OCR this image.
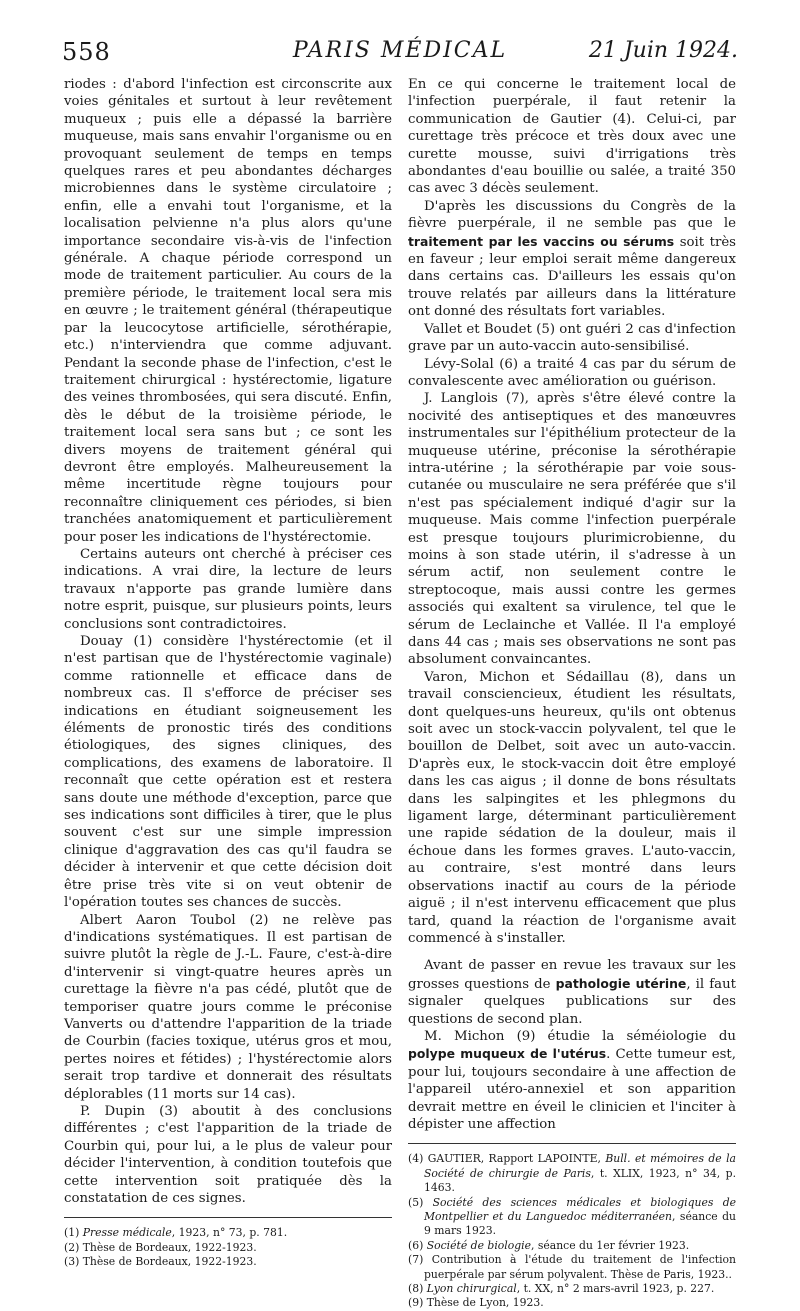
558	PARIS MÉDICAL	21 Juin 1924.

riodes : d'abord l'infection est circonscrite aux voies génitales et surtout à leur revêtement muqueux ; puis elle a dépassé la barrière muqueuse, mais sans envahir l'organisme ou en provoquant seulement de temps en temps quelques rares et peu abondantes décharges microbiennes dans le système circulatoire ; enfin, elle a envahi tout l'organisme, et la localisation pelvienne n'a plus alors qu'une importance secondaire vis-à-vis de l'infection générale. A chaque période correspond un mode de traitement particulier. Au cours de la première période, le traitement local sera mis en œuvre ; le traitement général (thérapeutique par la leucocytose artificielle, sérothérapie, etc.) n'interviendra que comme adjuvant. Pendant la seconde phase de l'infection, c'est le traitement chirurgical : hystérectomie, ligature des veines thrombosées, qui sera discuté. Enfin, dès le début de la troisième période, le traitement local sera sans but ; ce sont les divers moyens de traitement général qui devront être employés. Malheureusement la même incertitude règne toujours pour reconnaître cliniquement ces périodes, si bien tranchées anatomiquement et particulièrement pour poser les indications de l'hystérectomie.

Certains auteurs ont cherché à préciser ces indications. A vrai dire, la lecture de leurs travaux n'apporte pas grande lumière dans notre esprit, puisque, sur plusieurs points, leurs conclusions sont contradictoires.

Douay (1) considère l'hystérectomie (et il n'est partisan que de l'hystérectomie vaginale) comme rationnelle et efficace dans de nombreux cas. Il s'efforce de préciser ses indications en étudiant soigneusement les éléments de pronostic tirés des conditions étiologiques, des signes cliniques, des complications, des examens de laboratoire. Il reconnaît que cette opération est et restera sans doute une méthode d'exception, parce que ses indications sont difficiles à tirer, que le plus souvent c'est sur une simple impression clinique d'aggravation des cas qu'il faudra se décider à intervenir et que cette décision doit être prise très vite si on veut obtenir de l'opération toutes ses chances de succès.

Albert Aaron Toubol (2) ne relève pas d'indications systématiques. Il est partisan de suivre plutôt la règle de J.-L. Faure, c'est-à-dire d'intervenir si vingt-quatre heures après un curettage la fièvre n'a pas cédé, plutôt que de temporiser quatre jours comme le préconise Vanverts ou d'attendre l'apparition de la triade de Courbin (facies toxique, utérus gros et mou, pertes noires et fétides) ; l'hystérectomie alors serait trop tardive et donnerait des résultats déplorables (11 morts sur 14 cas).

P. Dupin (3) aboutit à des conclusions différentes ; c'est l'apparition de la triade de Courbin qui, pour lui, a le plus de valeur pour décider l'intervention, à condition toutefois que cette intervention soit pratiquée dès la constatation de ces signes.

(1) Presse médicale, 1923, n° 73, p. 781.

(2) Thèse de Bordeaux, 1922-1923.

(3) Thèse de Bordeaux, 1922-1923.

En ce qui concerne le traitement local de l'infection puerpérale, il faut retenir la communication de Gautier (4). Celui-ci, par curettage très précoce et très doux avec une curette mousse, suivi d'irrigations très abondantes d'eau bouillie ou salée, a traité 350 cas avec 3 décès seulement.

D'après les discussions du Congrès de la fièvre puerpérale, il ne semble pas que le traitement par les vaccins ou sérums soit très en faveur ; leur emploi serait même dangereux dans certains cas. D'ailleurs les essais qu'on trouve relatés par ailleurs dans la littérature ont donné des résultats fort variables.

Vallet et Boudet (5) ont guéri 2 cas d'infection grave par un auto-vaccin auto-sensibilisé.

Lévy-Solal (6) a traité 4 cas par du sérum de convalescente avec amélioration ou guérison.

J. Langlois (7), après s'être élevé contre la nocivité des antiseptiques et des manœuvres instrumentales sur l'épithélium protecteur de la muqueuse utérine, préconise la sérothérapie intra-utérine ; la sérothérapie par voie sous-cutanée ou musculaire ne sera préférée que s'il n'est pas spécialement indiqué d'agir sur la muqueuse. Mais comme l'infection puerpérale est presque toujours plurimicrobienne, du moins à son stade utérin, il s'adresse à un sérum actif, non seulement contre le streptocoque, mais aussi contre les germes associés qui exaltent sa virulence, tel que le sérum de Leclainche et Vallée. Il l'a employé dans 44 cas ; mais ses observations ne sont pas absolument convaincantes.

Varon, Michon et Sédaillau (8), dans un travail consciencieux, étudient les résultats, dont quelques-uns heureux, qu'ils ont obtenus soit avec un stock-vaccin polyvalent, tel que le bouillon de Delbet, soit avec un auto-vaccin. D'après eux, le stock-vaccin doit être employé dans les cas aigus ; il donne de bons résultats dans les salpingites et les phlegmons du ligament large, déterminant particulièrement une rapide sédation de la douleur, mais il échoue dans les formes graves. L'auto-vaccin, au contraire, s'est montré dans leurs observations inactif au cours de la période aiguë ; il n'est intervenu efficacement que plus tard, quand la réaction de l'organisme avait commencé à s'installer.

Avant de passer en revue les travaux sur les grosses questions de pathologie utérine, il faut signaler quelques publications sur des questions de second plan.

M. Michon (9) étudie la séméiologie du polype muqueux de l'utérus. Cette tumeur est, pour lui, toujours secondaire à une affection de l'appareil utéro-annexiel et son apparition devrait mettre en éveil le clinicien et l'inciter à dépister une affection

(4) GAUTIER, Rapport LAPOINTE, Bull. et mémoires de la Société de chirurgie de Paris, t. XLIX, 1923, n° 34, p. 1463.

(5) Société des sciences médicales et biologiques de Montpellier et du Languedoc méditerranéen, séance du 9 mars 1923.

(6) Société de biologie, séance du 1er février 1923.

(7) Contribution à l'étude du traitement de l'infection puerpérale par sérum polyvalent. Thèse de Paris, 1923..

(8) Lyon chirurgical, t. XX, n° 2 mars-avril 1923, p. 227.

(9) Thèse de Lyon, 1923.
